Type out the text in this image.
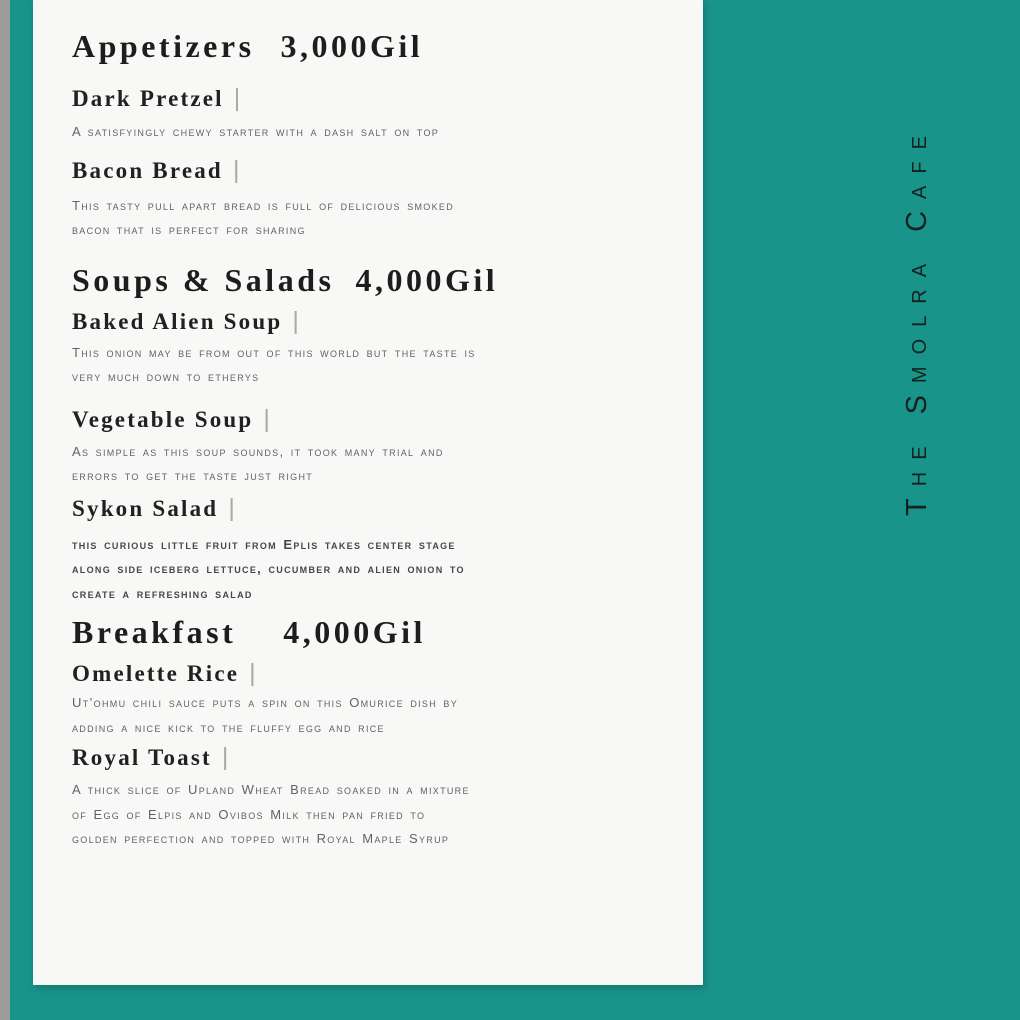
Appetizers 3,000Gil
Dark Pretzel |
A satisfyingly chewy starter with a dash salt on top
Bacon Bread |
This tasty pull apart bread is full of delicious smoked bacon that is perfect for sharing
Soups & Salads 4,000Gil
Baked Alien Soup |
This onion may be from out of this world but the taste is very much down to etherys
Vegetable Soup |
As simple as this soup sounds, it took many trial and errors to get the taste just right
Sykon Salad |
this curious little fruit from Eplis takes center stage along side iceberg lettuce, cucumber and alien onion to create a refreshing salad
Breakfast 4,000Gil
Omelette Rice |
Ut’ohmu chili sauce puts a spin on this Omurice dish by adding a nice kick to the fluffy egg and rice
Royal Toast |
A thick slice of Upland Wheat Bread soaked in a mixture of Egg of Elpis and Ovibos Milk then pan fried to golden perfection and topped with Royal Maple Syrup
The Smolra Cafe
